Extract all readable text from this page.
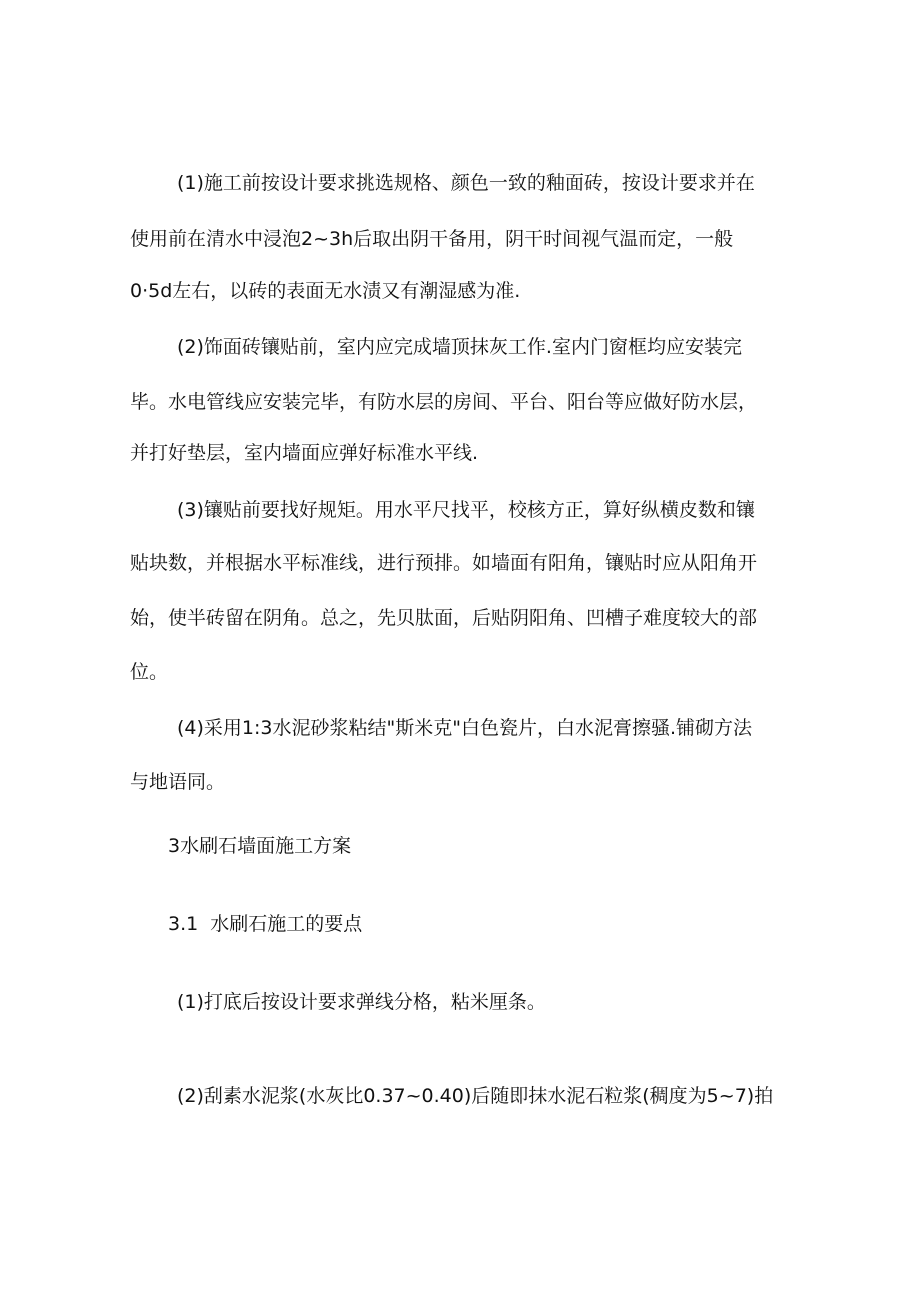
(1)施工前按设计要求挑选规格、颜色一致的釉面砖，按设计要求并在
使用前在清水中浸泡2~3h后取出阴干备用，阴干时间视气温而定，一般
0·5d左右，以砖的表面无水渍又有潮湿感为准.
(2)饰面砖镶贴前，室内应完成墙顶抹灰工作.室内门窗框均应安装完
毕。水电管线应安装完毕，有防水层的房间、平台、阳台等应做好防水层，
并打好垫层，室内墙面应弹好标准水平线.
(3)镶贴前要找好规矩。用水平尺找平，校核方正，算好纵横皮数和镶
贴块数，并根据水平标准线，进行预排。如墙面有阳角，镶贴时应从阳角开
始，使半砖留在阴角。总之，先贝肽面，后贴阴阳角、凹槽子难度较大的部
位。
(4)采用1:3水泥砂浆粘结"斯米克"白色瓷片，白水泥膏擦骚.铺砌方法
与地语同。
3水刷石墙面施工方案
3.1 水刷石施工的要点
(1)打底后按设计要求弹线分格，粘米厘条。
(2)刮素水泥浆(水灰比0.37~0.40)后随即抹水泥石粒浆(稠度为5~7)拍
